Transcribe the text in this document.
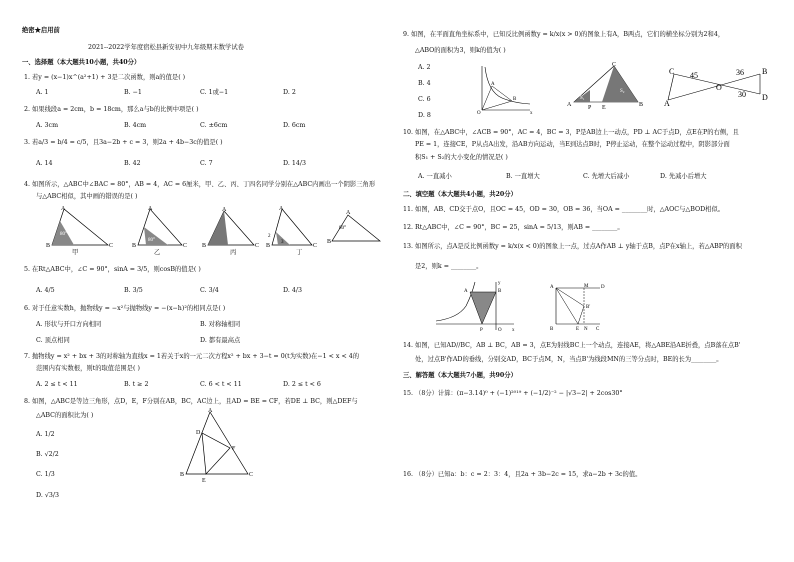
绝密★启用前
2021--2022学年度宿松县新安初中九年级期末数学试卷
一、选择题（本大题共10小题，共40分）
1. 若y = (x−1)x^(a²+1) + 3是二次函数，则a的值是( )
A. 1	B. −1	C. 1或−1	D. 2
2. 如果线段a = 2cm，b = 18cm，那么a与b的比例中项是( )
A. 3cm	B. 4cm	C. ±6cm	D. 6cm
3. 若a/3 = b/4 = c/5，且3a−2b + c = 3，则2a + 4b−3c的值是( )
A. 14	B. 42	C. 7	D. 14/3
4. 如图所示，△ABC中∠BAC = 80°，AB = 4，AC = 6厘米，甲、乙、丙、丁四名同学分别在△ABC内画出一个阴影三角形
与△ABC相似，其中画的错误的是( )
A
B	C
80°
A
B	C
80°
A
B	C
A
B	C
2
3
A
B
80°
甲	乙	丙	丁
5. 在Rt△ABC中，∠C = 90°，sinA = 3/5，则cosB的值是( )
A. 4/5	B. 3/5	C. 3/4	D. 4/3
6. 对于任意实数h，抛物线y = −x²与抛物线y = −(x−h)²的相同点是( )
A. 形状与开口方向相同	B. 对称轴相同
C. 顶点相同	D. 都有最高点
7. 抛物线y = x² + bx + 3的对称轴为直线x = 1若关于x的一元二次方程x² + bx + 3−t = 0(t为实数)在−1 < x < 4的
范围内有实数根，则t的取值范围是( )
A. 2 ≤ t < 11	B. t ≥ 2	C. 6 < t < 11	D. 2 ≤ t < 6
8. 如图，△ABC是等边三角形，点D，E，F分别在AB，BC，AC边上，且AD = BE = CF，若DE ⊥ BC，则△DEF与
△ABC的面积比为( )
A. 1/2
B. √2/2
C. 1/3
D. √3/3
A
B	C
D
E
F
9. 如图，在平面直角坐标系中，已知反比例函数y = k/x(x > 0)的图象上有A，B两点，它们的横坐标分别为2和4，
△ABO的面积为3，则k的值为( )
A. 2
B. 4
C. 6
D. 8
A
B
O	x
C
A	B
P E
S₁
S₂
C
A
B
D
O
45	36
30
10. 如图，在△ABC中，∠ACB = 90°，AC = 4，BC = 3，P是AB边上一动点，PD ⊥ AC于点D，点E在P的右侧，且
PE = 1，连接CE，P从点A出发，沿AB方向运动，当E到达点B时，P停止运动，在整个运动过程中，阴影部分面
积S₁ + S₂的大小变化的情况是( )
A. 一直减小	B. 一直增大	C. 先增大后减小	D. 先减小后增大
二、填空题（本大题共4小题，共20分）
11. 如图，AB、CD交于点O，且OC = 45，OD = 30，OB = 36，当OA = ________时，△AOC与△BOD相似。
12. Rt△ABC中，∠C = 90°，BC = 25，sinA = 5/13，则AB = ________。
13. 如图所示，点A是反比例函数y = k/x(x < 0)的图象上一点，过点A作AB ⊥ y轴于点B，点P在x轴上，若△ABP的面积
是2，则k = ________。
A	B
P	O x
y
A	M	D
B'
B	E N C
14. 如图，已知AD//BC，AB ⊥ BC，AB = 3，点E为射线BC上一个动点，连接AE，将△ABE沿AE折叠，点B落在点B'
处，过点B'作AD的垂线，分别交AD，BC于点M，N，当点B'为线段MN的三等分点时，BE的长为________。
三、解答题（本大题共7小题，共90分）
15. （8分）计算：(π−3.14)⁰ + (−1)²⁰¹⁹ + (−1/2)⁻² − |√3−2| + 2cos30°
16. （8分）已知a：b：c = 2：3：4，且2a + 3b−2c = 15，求a−2b + 3c的值。
